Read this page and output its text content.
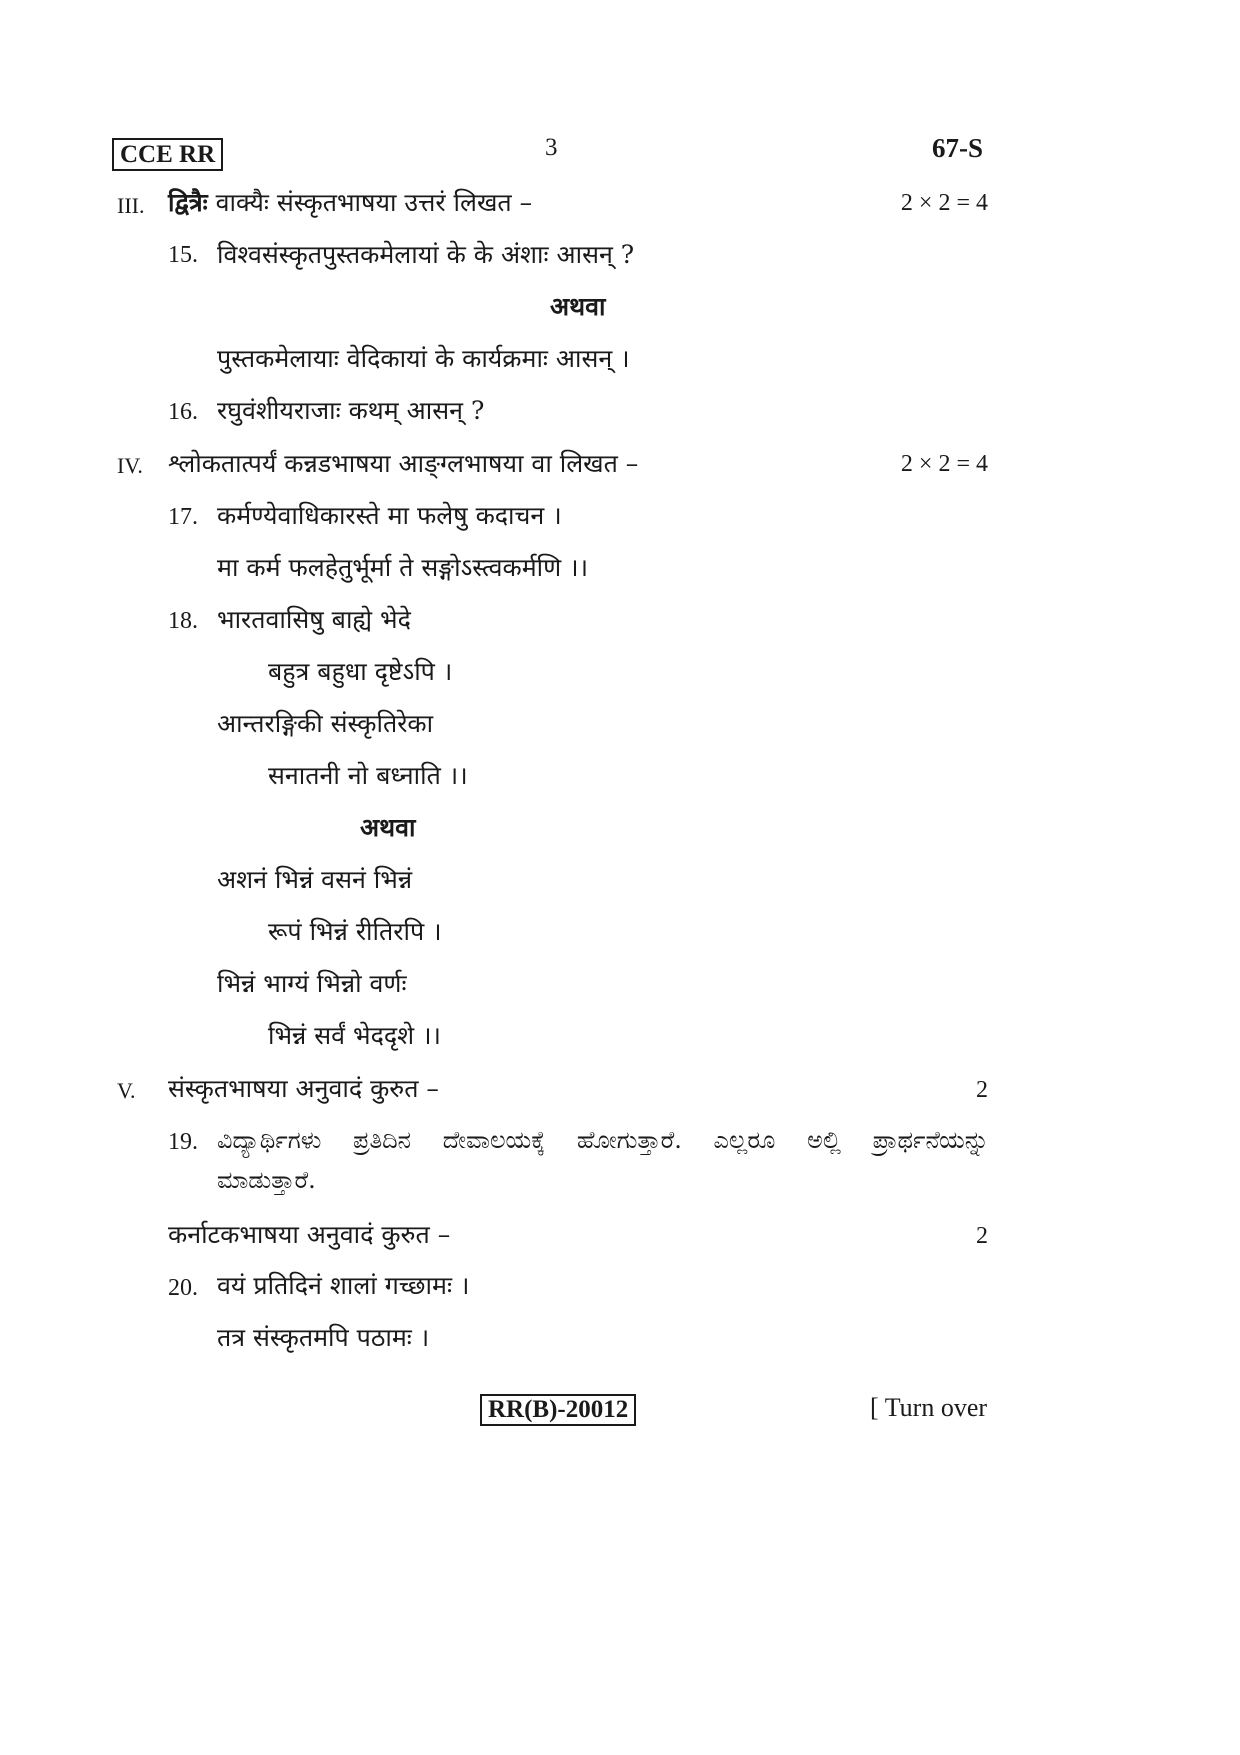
CCE RR	3	67-S
III. द्वित्रैः वाक्यैः संस्कृतभाषया उत्तरं लिखत –	2 × 2 = 4
15. विश्वसंस्कृतपुस्तकमेलायां के के अंशाः आसन् ?
अथवा
पुस्तकमेलायाः वेदिकायां के कार्यक्रमाः आसन् ।
16. रघुवंशीयराजाः कथम् आसन् ?
IV. श्लोकतात्पर्यं कन्नडभाषया आङ्ग्लभाषया वा लिखत –	2 × 2 = 4
17. कर्मण्येवाधिकारस्ते मा फलेषु कदाचन ।
मा कर्म फलहेतुर्भूर्मा ते सङ्गोऽस्त्वकर्मणि ।।
18. भारतवासिषु बाह्ये भेदे
बहुत्र बहुधा दृष्टेऽपि ।
आन्तरङ्गिकी संस्कृतिरेका
सनातनी नो बध्नाति ।।
अथवा
अशनं भिन्नं वसनं भिन्नं
रूपं भिन्नं रीतिरपि ।
भिन्नं भाग्यं भिन्नो वर्णः
भिन्नं सर्वं भेददृशे ।।
V. संस्कृतभाषया अनुवादं कुरुत –	2
19. ವಿದ್ಯಾರ್ಥಿಗಳು ಪ್ರತಿದಿನ ದೇವಾಲಯಕ್ಕೆ ಹೋಗುತ್ತಾರೆ. ಎಲ್ಲರೂ ಅಲ್ಲಿ ಪ್ರಾರ್ಥನೆಯನ್ನು
ಮಾಡುತ್ತಾರೆ.
कर्नाटकभाषया अनुवादं कुरुत –	2
20. वयं प्रतिदिनं शालां गच्छामः ।
तत्र संस्कृतमपि पठामः ।
RR(B)-20012	[ Turn over
